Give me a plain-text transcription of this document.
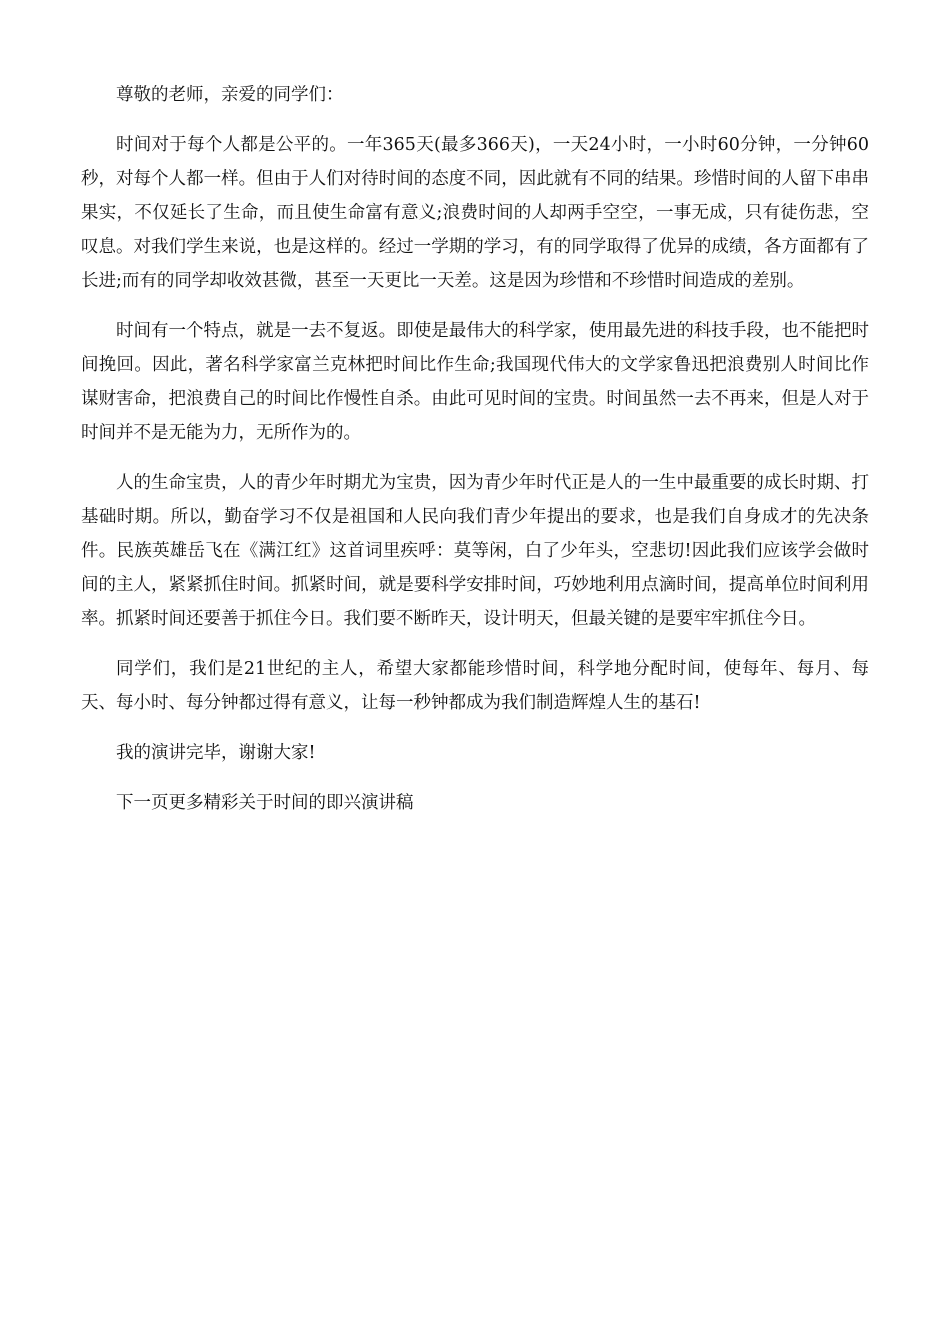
尊敬的老师，亲爱的同学们：

时间对于每个人都是公平的。一年365天(最多366天)，一天24小时，一小时60分钟，一分钟60秒，对每个人都一样。但由于人们对待时间的态度不同，因此就有不同的结果。珍惜时间的人留下串串果实，不仅延长了生命，而且使生命富有意义;浪费时间的人却两手空空，一事无成，只有徒伤悲，空叹息。对我们学生来说，也是这样的。经过一学期的学习，有的同学取得了优异的成绩，各方面都有了长进;而有的同学却收效甚微，甚至一天更比一天差。这是因为珍惜和不珍惜时间造成的差别。

时间有一个特点，就是一去不复返。即使是最伟大的科学家，使用最先进的科技手段，也不能把时间挽回。因此，著名科学家富兰克林把时间比作生命;我国现代伟大的文学家鲁迅把浪费别人时间比作谋财害命，把浪费自己的时间比作慢性自杀。由此可见时间的宝贵。时间虽然一去不再来，但是人对于时间并不是无能为力，无所作为的。

人的生命宝贵，人的青少年时期尤为宝贵，因为青少年时代正是人的一生中最重要的成长时期、打基础时期。所以，勤奋学习不仅是祖国和人民向我们青少年提出的要求，也是我们自身成才的先决条件。民族英雄岳飞在《满江红》这首词里疾呼：莫等闲，白了少年头，空悲切!因此我们应该学会做时间的主人，紧紧抓住时间。抓紧时间，就是要科学安排时间，巧妙地利用点滴时间，提高单位时间利用率。抓紧时间还要善于抓住今日。我们要不断昨天，设计明天，但最关键的是要牢牢抓住今日。

同学们，我们是21世纪的主人，希望大家都能珍惜时间，科学地分配时间，使每年、每月、每天、每小时、每分钟都过得有意义，让每一秒钟都成为我们制造辉煌人生的基石!

我的演讲完毕，谢谢大家!

下一页更多精彩关于时间的即兴演讲稿
